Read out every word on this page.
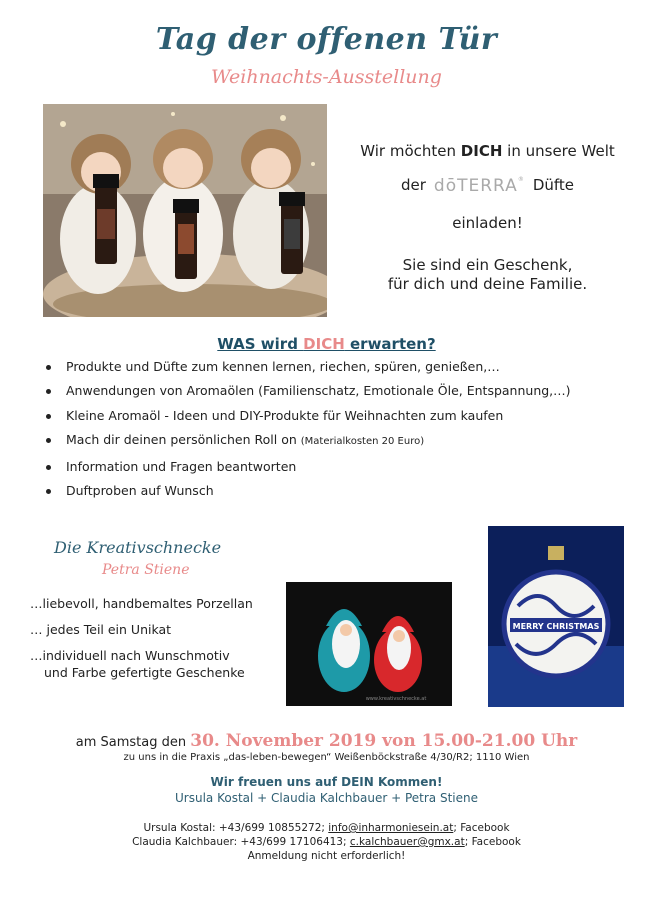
Tag der offenen Tür
Weihnachts-Ausstellung
Wir möchten DICH in unsere Welt
der dōTERRA® Düfte
einladen!
Sie sind ein Geschenk,
für dich und deine Familie.
WAS wird DICH erwarten?
Produkte und Düfte zum kennen lernen, riechen, spüren, genießen,…
Anwendungen von Aromaölen (Familienschatz, Emotionale Öle, Entspannung,…)
Kleine Aromaöl - Ideen und DIY-Produkte für Weihnachten zum kaufen
Mach dir deinen persönlichen Roll on (Materialkosten 20 Euro)
Information und Fragen beantworten
Duftproben auf Wunsch
Die Kreativschnecke
Petra Stiene
…liebevoll, handbemaltes Porzellan
… jedes Teil ein Unikat
…individuell nach Wunschmotiv
und Farbe gefertigte Geschenke
www.kreativschnecke.at
MERRY CHRISTMAS
am Samstag den 30. November 2019 von 15.00-21.00 Uhr
zu uns in die Praxis „das-leben-bewegen“ Weißenböckstraße 4/30/R2; 1110 Wien
Wir freuen uns auf DEIN Kommen!
Ursula Kostal + Claudia Kalchbauer + Petra Stiene
Ursula Kostal: +43/699 10855272; info@inharmoniesein.at; Facebook
Claudia Kalchbauer: +43/699 17106413; c.kalchbauer@gmx.at; Facebook
Anmeldung nicht erforderlich!
